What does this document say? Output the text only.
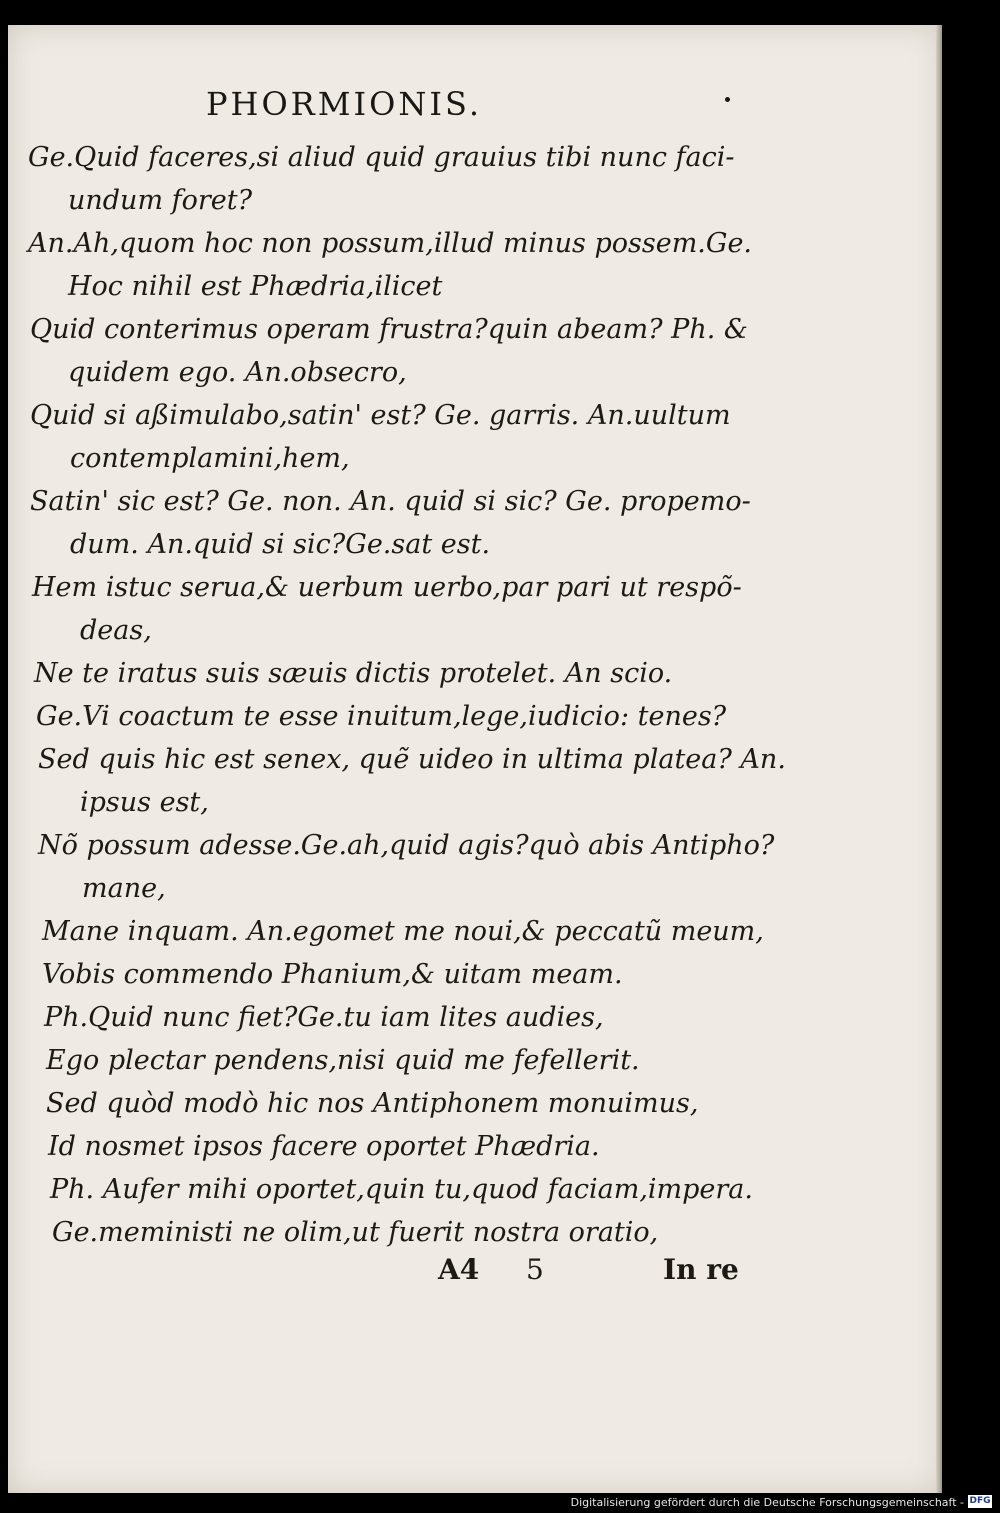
PHORMIONIS.
Ge.Quid faceres,si aliud quid grauius tibi nunc faci-
undum foret?
An.Ah,quom hoc non possum,illud minus possem.Ge.
Hoc nihil est Phædria,ilicet
Quid conterimus operam frustra?quin abeam? Ph. &
quidem ego. An.obsecro,
Quid si aßimulabo,satin' est? Ge. garris. An.uultum
contemplamini,hem,
Satin' sic est? Ge. non. An. quid si sic? Ge. propemo-
dum. An.quid si sic?Ge.sat est.
Hem istuc serua,& uerbum uerbo,par pari ut respõ-
deas,
Ne te iratus suis sæuis dictis protelet. An scio.
Ge.Vi coactum te esse inuitum,lege,iudicio: tenes?
Sed quis hic est senex, quẽ uideo in ultima platea? An.
ipsus est,
Nõ possum adesse.Ge.ah,quid agis?quò abis Antipho?
mane,
Mane inquam. An.egomet me noui,& peccatũ meum,
Vobis commendo Phanium,& uitam meam.
Ph.Quid nunc fiet?Ge.tu iam lites audies,
Ego plectar pendens,nisi quid me fefellerit.
Sed quòd modò hic nos Antiphonem monuimus,
Id nosmet ipsos facere oportet Phædria.
Ph. Aufer mihi oportet,quin tu,quod faciam,impera.
Ge.meministi ne olim,ut fuerit nostra oratio,
A4 5	In re
Digitalisierung gefördert durch die Deutsche Forschungsgemeinschaft - DFG
